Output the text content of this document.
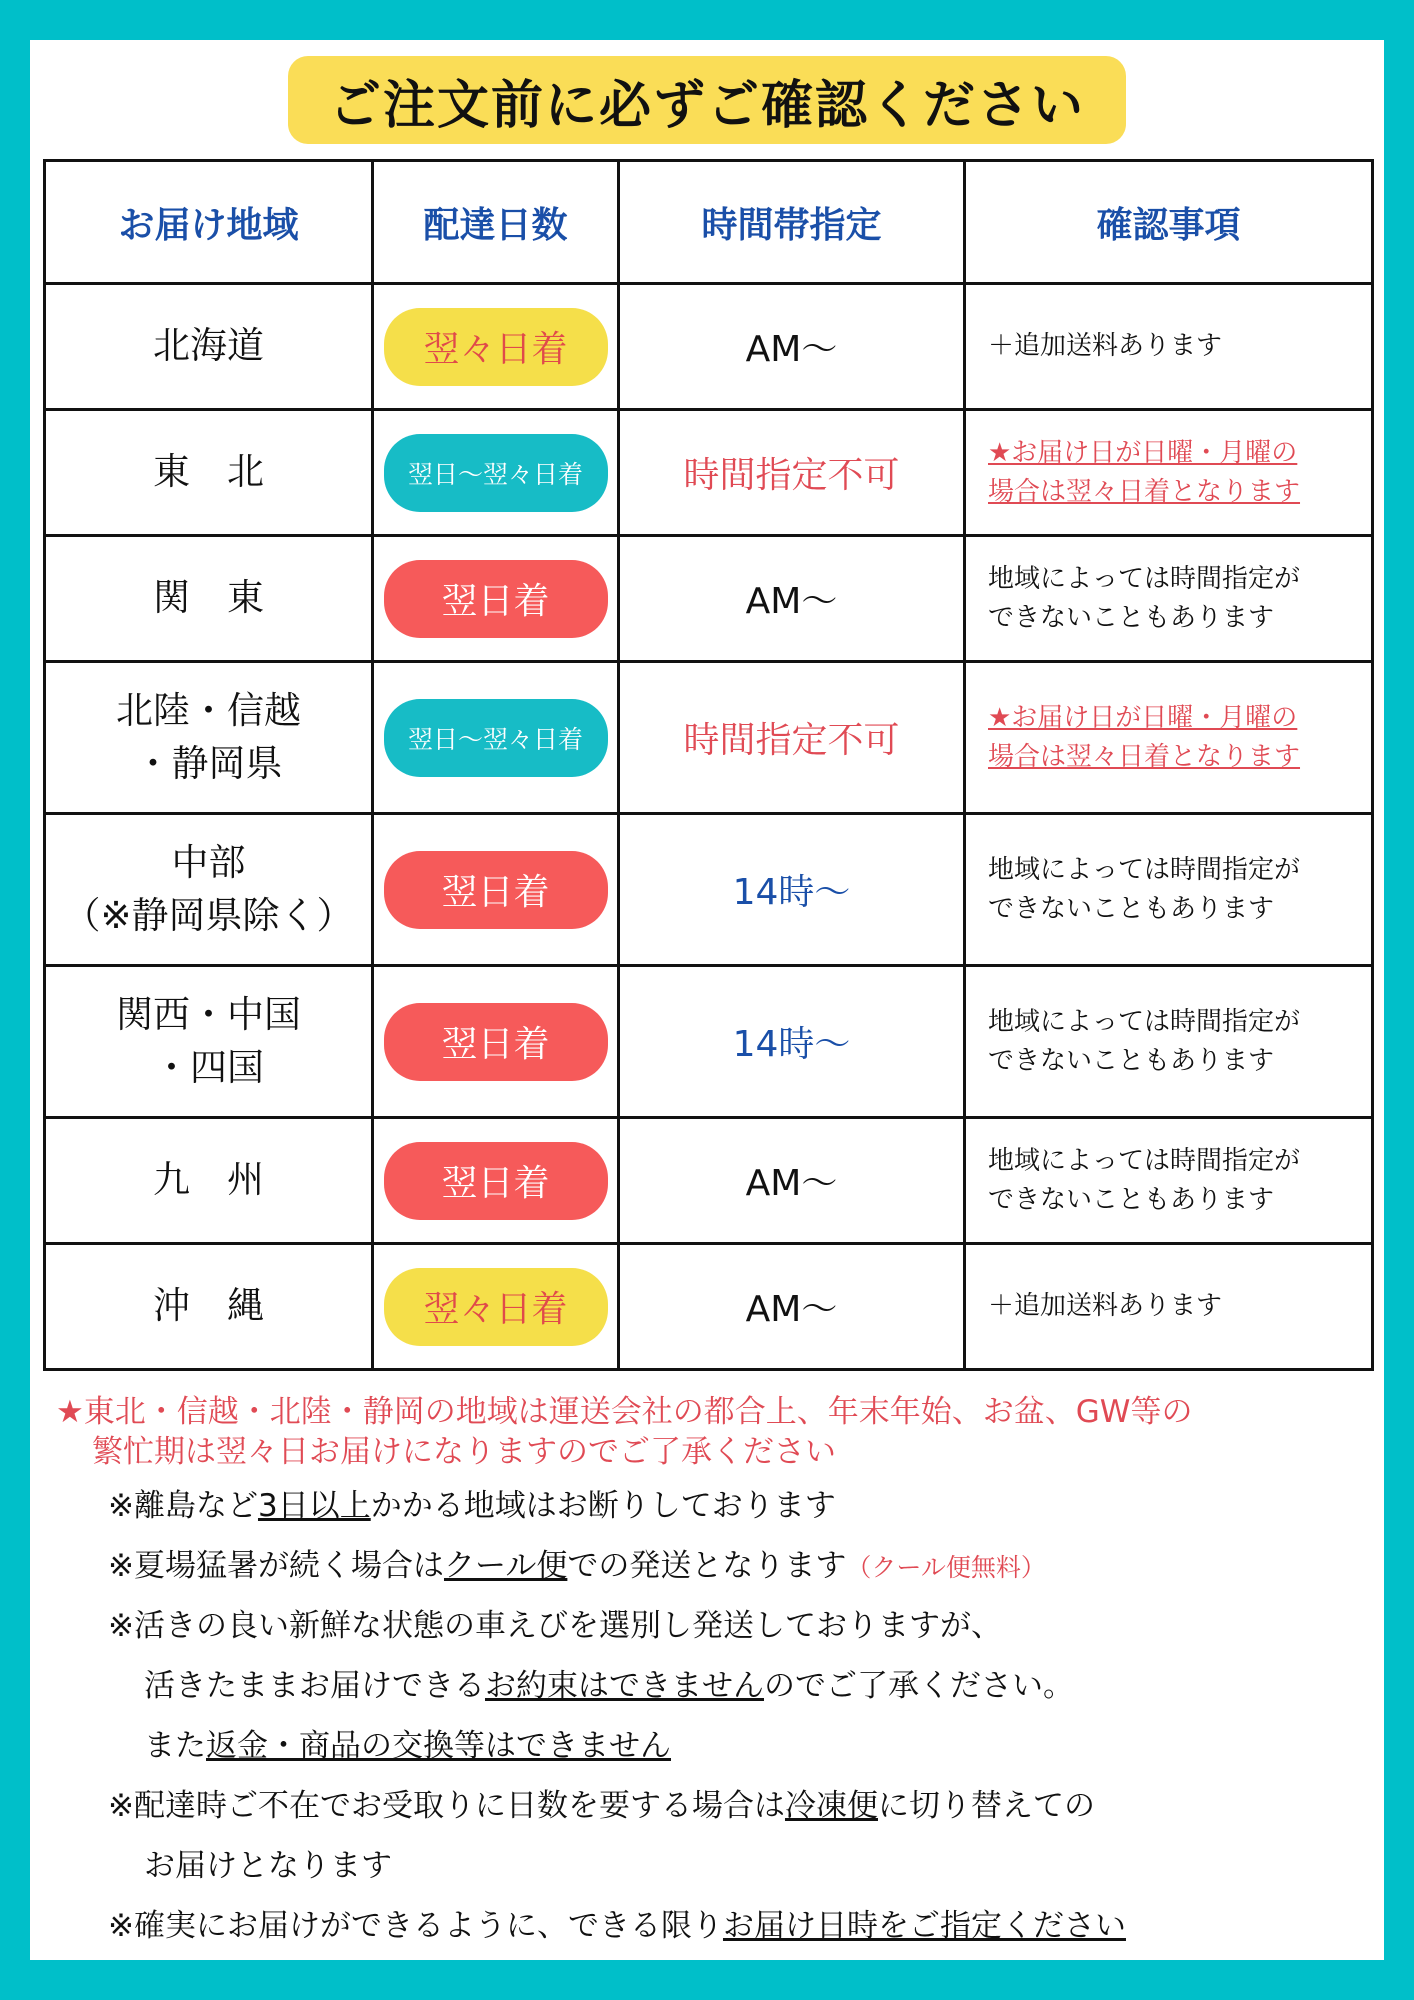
ご注文前に必ずご確認ください
お届け地域	配達日数	時間帯指定	確認事項

北海道	翌々日着	AM〜	＋追加送料あります

東　北	翌日〜翌々日着	時間指定不可	★お届け日が日曜・月曜の
場合は翌々日着となります

関　東	翌日着	AM〜	地域によっては時間指定が
できないこともあります

北陸・信越
・静岡県	翌日〜翌々日着	時間指定不可	★お届け日が日曜・月曜の
場合は翌々日着となります

中部
（※静岡県除く）	翌日着	14時〜	地域によっては時間指定が
できないこともあります

関西・中国
・四国	翌日着	14時〜	地域によっては時間指定が
できないこともあります

九　州	翌日着	AM〜	地域によっては時間指定が
できないこともあります

沖　縄	翌々日着	AM〜	＋追加送料あります
★東北・信越・北陸・静岡の地域は運送会社の都合上、年末年始、お盆、GW等の
繁忙期は翌々日お届けになりますのでご了承ください
※離島など3日以上かかる地域はお断りしております
※夏場猛暑が続く場合はクール便での発送となります（クール便無料）
※活きの良い新鮮な状態の車えびを選別し発送しておりますが、
活きたままお届けできるお約束はできませんのでご了承ください。
また返金・商品の交換等はできません
※配達時ご不在でお受取りに日数を要する場合は冷凍便に切り替えての
お届けとなります
※確実にお届けができるように、できる限りお届け日時をご指定ください
